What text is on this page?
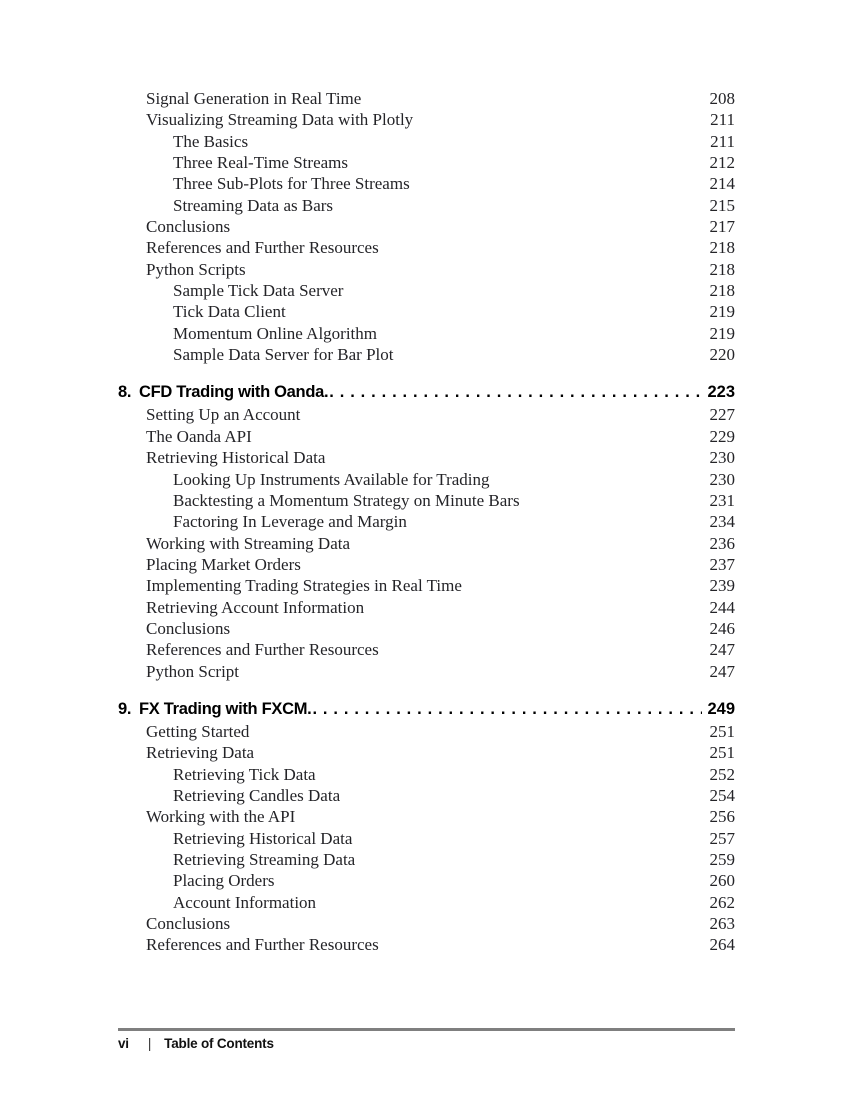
Signal Generation in Real Time	208
Visualizing Streaming Data with Plotly	211
The Basics	211
Three Real-Time Streams	212
Three Sub-Plots for Three Streams	214
Streaming Data as Bars	215
Conclusions	217
References and Further Resources	218
Python Scripts	218
Sample Tick Data Server	218
Tick Data Client	219
Momentum Online Algorithm	219
Sample Data Server for Bar Plot	220
8. CFD Trading with Oanda. . . .	223
Setting Up an Account	227
The Oanda API	229
Retrieving Historical Data	230
Looking Up Instruments Available for Trading	230
Backtesting a Momentum Strategy on Minute Bars	231
Factoring In Leverage and Margin	234
Working with Streaming Data	236
Placing Market Orders	237
Implementing Trading Strategies in Real Time	239
Retrieving Account Information	244
Conclusions	246
References and Further Resources	247
Python Script	247
9. FX Trading with FXCM. . . .	249
Getting Started	251
Retrieving Data	251
Retrieving Tick Data	252
Retrieving Candles Data	254
Working with the API	256
Retrieving Historical Data	257
Retrieving Streaming Data	259
Placing Orders	260
Account Information	262
Conclusions	263
References and Further Resources	264
vi | Table of Contents
